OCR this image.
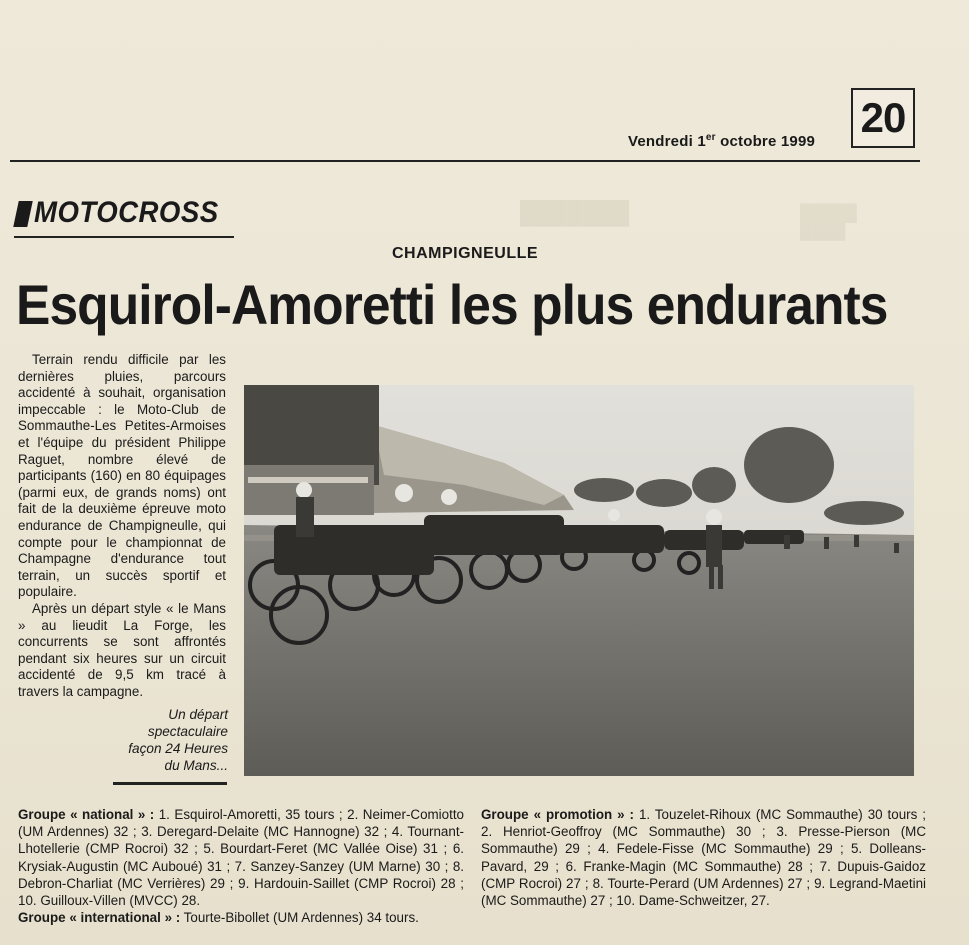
███████	█████
████
Vendredi 1er octobre 1999
20
MOTOCROSS
CHAMPIGNEULLE
Esquirol-Amoretti les plus endurants

Terrain rendu difficile par les dernières pluies, parcours accidenté à souhait, organisation impeccable : le Moto-Club de Sommauthe-Les Petites-Armoises et l'équipe du président Philippe Raguet, nombre élevé de participants (160) en 80 équipages (parmi eux, de grands noms) ont fait de la deuxième épreuve moto endurance de Champigneulle, qui compte pour le championnat de Champagne d'endurance tout terrain, un succès sportif et populaire.

Après un départ style « le Mans » au lieudit La Forge, les concurrents se sont affrontés pendant six heures sur un circuit accidenté de 9,5 km tracé à travers la campagne.

Un départ spectaculaire façon 24 Heures du Mans...

Groupe « national » : 1. Esquirol-Amoretti, 35 tours ; 2. Neimer-Comiotto (UM Ardennes) 32 ; 3. Deregard-Delaite (MC Hannogne) 32 ; 4. Tournant-Lhotellerie (CMP Rocroi) 32 ; 5. Bourdart-Feret (MC Vallée Oise) 31 ; 6. Krysiak-Augustin (MC Auboué) 31 ; 7. Sanzey-Sanzey (UM Marne) 30 ; 8. Debron-Charliat (MC Verrières) 29 ; 9. Hardouin-Saillet (CMP Rocroi) 28 ; 10. Guilloux-Villen (MVCC) 28.

Groupe « international » : Tourte-Bibollet (UM Ardennes) 34 tours.

Groupe « promotion » : 1. Touzelet-Rihoux (MC Sommauthe) 30 tours ; 2. Henriot-Geoffroy (MC Sommauthe) 30 ; 3. Presse-Pierson (MC Sommauthe) 29 ; 4. Fedele-Fisse (MC Sommauthe) 29 ; 5. Dolleans-Pavard, 29 ; 6. Franke-Magin (MC Sommauthe) 28 ; 7. Dupuis-Gaidoz (CMP Rocroi) 27 ; 8. Tourte-Perard (UM Ardennes) 27 ; 9. Legrand-Maetini (MC Sommauthe) 27 ; 10. Dame-Schweitzer, 27.
